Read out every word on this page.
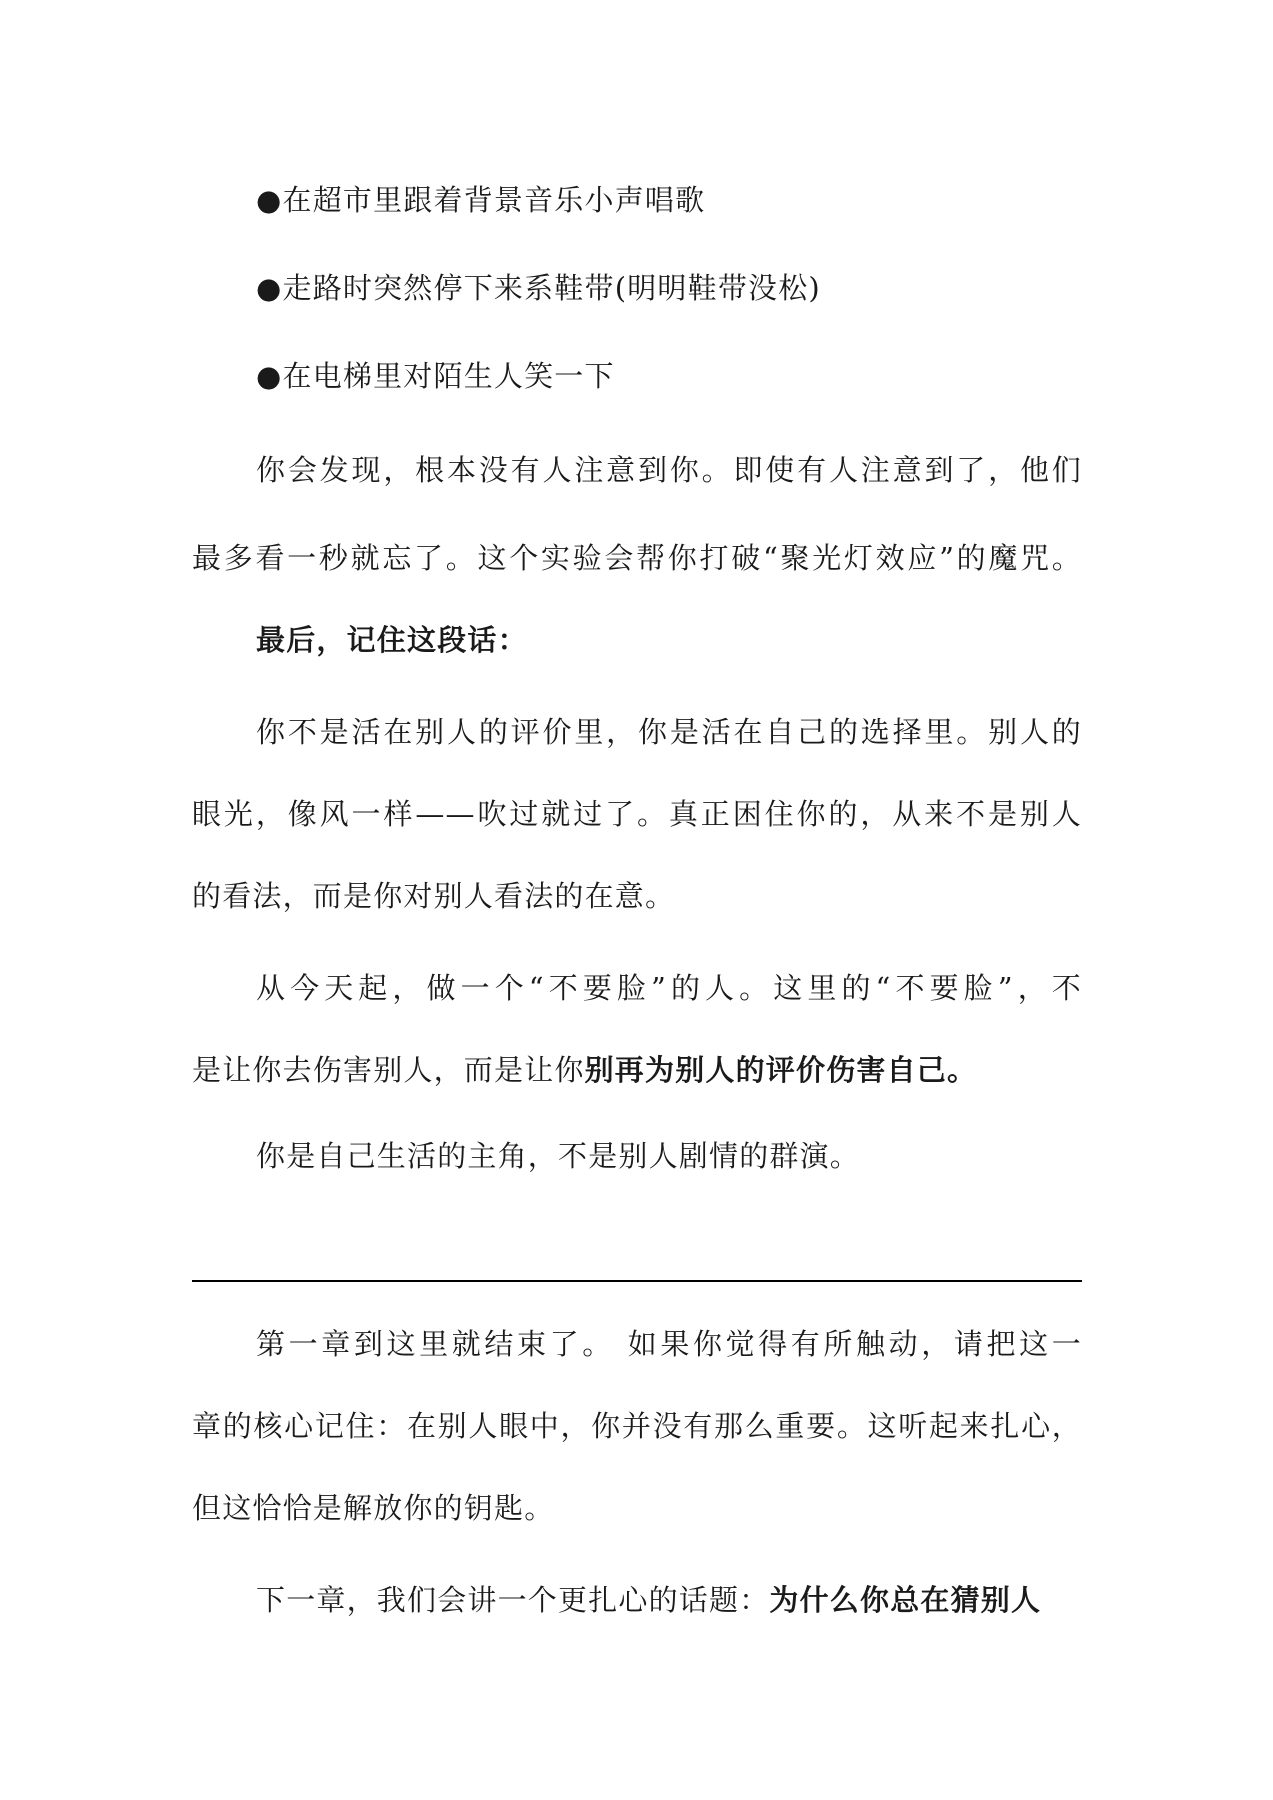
●在超市里跟着背景音乐小声唱歌
●走路时突然停下来系鞋带(明明鞋带没松)
●在电梯里对陌生人笑一下
你会发现，根本没有人注意到你。即使有人注意到了，他们
最多看一秒就忘了。这个实验会帮你打破“聚光灯效应”的魔咒。
最后，记住这段话：
你不是活在别人的评价里，你是活在自己的选择里。别人的
眼光，像风一样——吹过就过了。真正困住你的，从来不是别人
的看法，而是你对别人看法的在意。
从今天起，做一个“不要脸”的人。这里的“不要脸”，不
是让你去伤害别人，而是让你别再为别人的评价伤害自己。
你是自己生活的主角，不是别人剧情的群演。
第一章到这里就结束了。 如果你觉得有所触动，请把这一
章的核心记住：在别人眼中，你并没有那么重要。这听起来扎心，
但这恰恰是解放你的钥匙。
下一章，我们会讲一个更扎心的话题：为什么你总在猜别人
